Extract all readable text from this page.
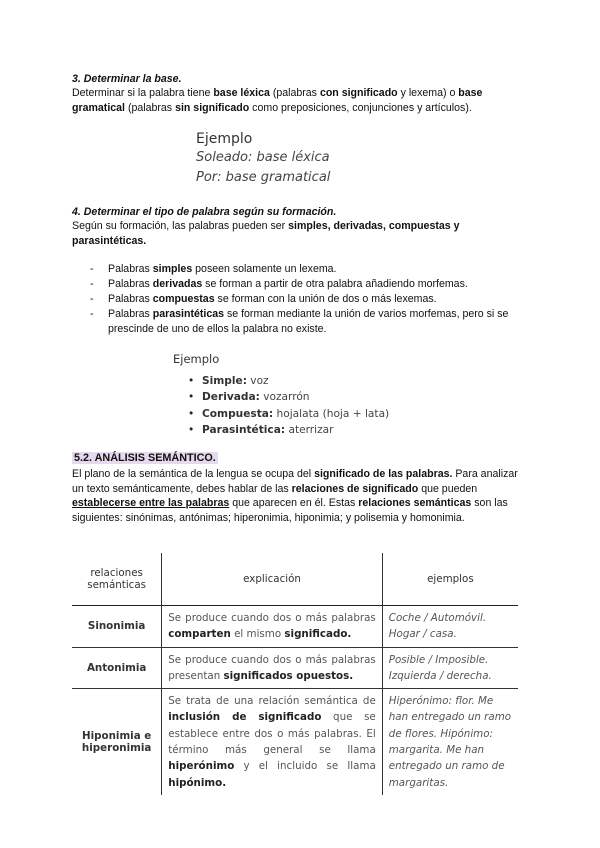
3. Determinar la base.

Determinar si la palabra tiene base léxica (palabras con significado y lexema) o base gramatical (palabras sin significado como preposiciones, conjunciones y artículos).

Ejemplo
Soleado: base léxica
Por: base gramatical

4. Determinar el tipo de palabra según su formación.

Según su formación, las palabras pueden ser simples, derivadas, compuestas y parasintéticas.

- Palabras simples poseen solamente un lexema.
- Palabras derivadas se forman a partir de otra palabra añadiendo morfemas.
- Palabras compuestas se forman con la unión de dos o más lexemas.
- Palabras parasintéticas se forman mediante la unión de varios morfemas, pero si se prescinde de uno de ellos la palabra no existe.
Ejemplo
• Simple: voz
• Derivada: vozarrón
• Compuesta: hojalata (hoja + lata)
• Parasintética: aterrizar
5.2. ANÁLISIS SEMÁNTICO.

El plano de la semántica de la lengua se ocupa del significado de las palabras. Para analizar un texto semánticamente, debes hablar de las relaciones de significado que pueden establecerse entre las palabras que aparecen en él. Estas relaciones semánticas son las siguientes: sinónimas, antónimas; hiperonimia, hiponimia; y polisemia y homonimia.

relaciones semánticas	explicación	ejemplos
Sinonimia	Se produce cuando dos o más palabras comparten el mismo significado.	Coche / Automóvil. Hogar / casa.
Antonimia	Se produce cuando dos o más palabras presentan significados opuestos.	Posible / Imposible. Izquierda / derecha.
Hiponimia e hiperonimia	Se trata de una relación semántica de inclusión de significado que se establece entre dos o más palabras. El término más general se llama hiperónimo y el incluido se llama hipónimo.	Hiperónimo: flor. Me han entregado un ramo de flores. Hipónimo: margarita. Me han entregado un ramo de margaritas.
